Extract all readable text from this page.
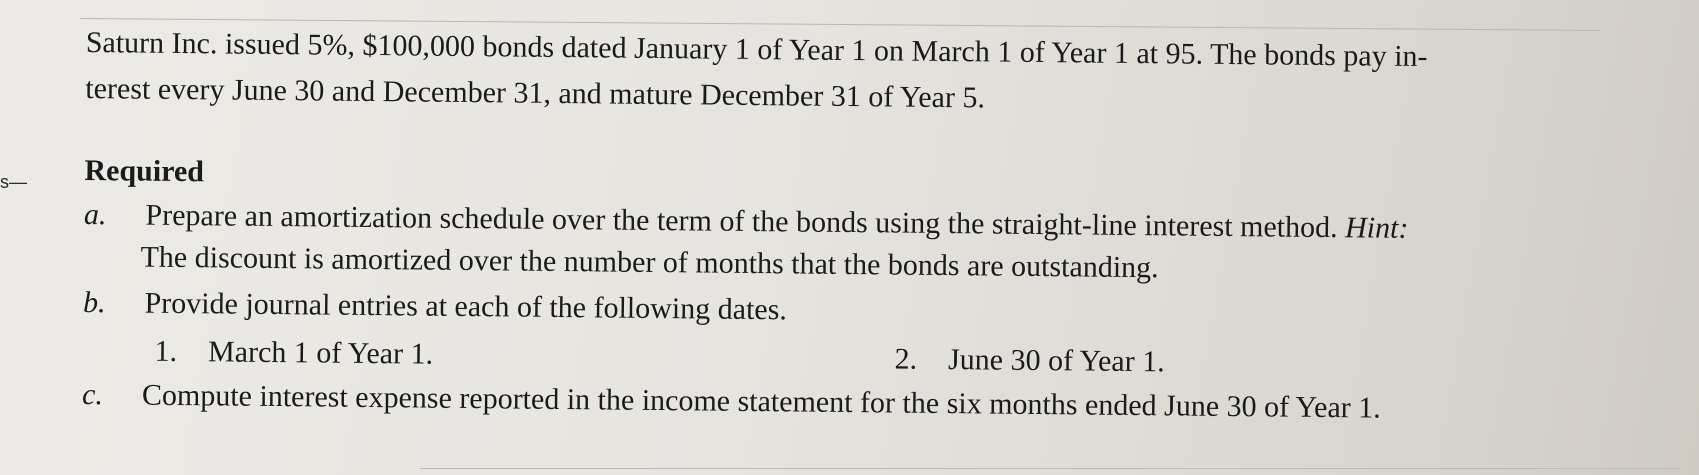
s—
Saturn Inc. issued 5%, $100,000 bonds dated January 1 of Year 1 on March 1 of Year 1 at 95. The bonds pay in-
terest every June 30 and December 31, and mature December 31 of Year 5.
Required
a. Prepare an amortization schedule over the term of the bonds using the straight-line interest method. Hint:
The discount is amortized over the number of months that the bonds are outstanding.
b. Provide journal entries at each of the following dates.
1. March 1 of Year 1.	2. June 30 of Year 1.
c. Compute interest expense reported in the income statement for the six months ended June 30 of Year 1.
